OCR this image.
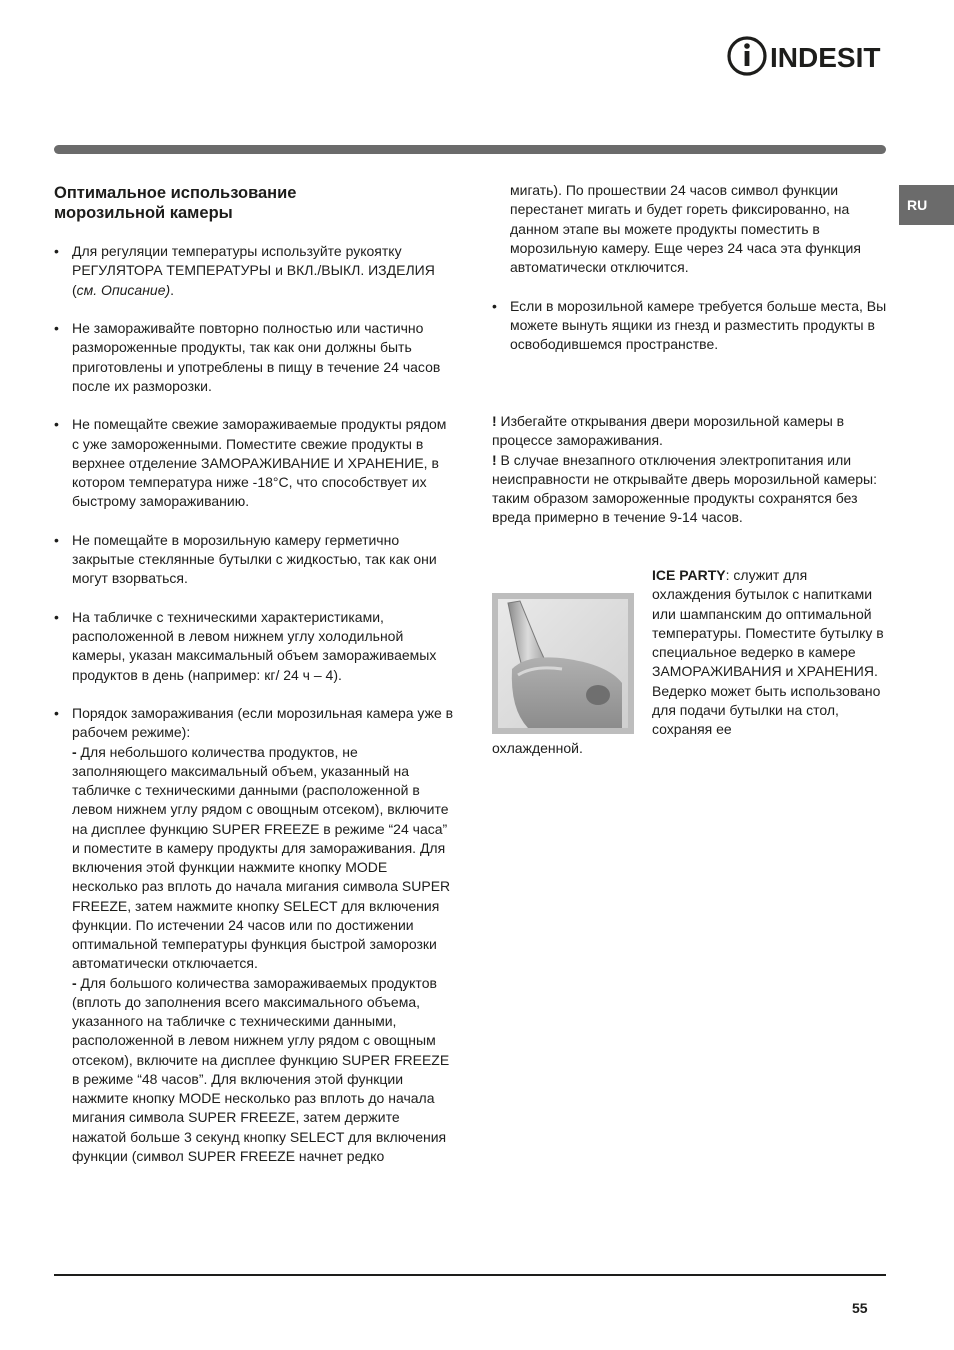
INDESIT
RU
Оптимальное использование
морозильной камеры
• Для регуляции температуры используйте рукоятку РЕГУЛЯТОРА ТЕМПЕРАТУРЫ и ВКЛ./ВЫКЛ. ИЗДЕЛИЯ (см. Описание).
• Не замораживайте повторно полностью или частично размороженные продукты, так как они должны быть приготовлены и употреблены в пищу в течение 24 часов после их разморозки.
• Не помещайте свежие замораживаемые продукты рядом с уже замороженными. Поместите свежие продукты в верхнее отделение ЗАМОРАЖИВАНИЕ И ХРАНЕНИЕ, в котором температура ниже -18°C, что способствует их быстрому замораживанию.
• Не помещайте в морозильную камеру герметично закрытые стеклянные бутылки с жидкостью, так как они могут взорваться.
• На табличке с техническими характеристиками, расположенной в левом нижнем углу холодильной камеры, указан максимальный объем замораживаемых продуктов в день (например: кг/ 24 ч – 4).
• Порядок замораживания (если морозильная камера уже в рабочем режиме):
- Для небольшого количества продуктов, не заполняющего максимальный объем, указанный на табличке с техническими данными (расположенной в левом нижнем углу рядом с овощным отсеком), включите на дисплее функцию SUPER FREEZE в режиме “24 часа” и поместите в камеру продукты для замораживания. Для включения этой функции нажмите кнопку MODE несколько раз вплоть до начала мигания символа SUPER FREEZE, затем нажмите кнопку SELECT для включения функции. По истечении 24 часов или по достижении оптимальной температуры функция быстрой заморозки автоматически отключается.
- Для большого количества замораживаемых продуктов (вплоть до заполнения всего максимального объема, указанного на табличке с техническими данными, расположенной в левом нижнем углу рядом с овощным отсеком), включите на дисплее функцию SUPER FREEZE в режиме “48 часов”. Для включения этой функции нажмите кнопку MODE несколько раз вплоть до начала мигания символа SUPER FREEZE, затем держите нажатой больше 3 секунд кнопку SELECT для включения функции (символ SUPER FREEZE начнет редко

мигать). По прошествии 24 часов символ функции перестанет мигать и будет гореть фиксированно, на данном этапе вы можете продукты поместить в морозильную камеру. Еще через 24 часа эта функция автоматически отключится.

• Если в морозильной камере требуется больше места, Вы можете вынуть ящики из гнезд и разместить продукты в освободившемся пространстве.

! Избегайте открывания двери морозильной камеры в процессе замораживания.

! В случае внезапного отключения электропитания или неисправности не открывайте дверь морозильной камеры: таким образом замороженные продукты сохранятся без вреда примерно в течение 9-14 часов.

ICE PARTY: служит для охлаждения бутылок с напитками или шампанским до оптимальной температуры. Поместите бутылку в специальное ведерко в камере ЗАМОРАЖИВАНИЯ и ХРАНЕНИЯ. Ведерко может быть использовано для подачи бутылки на стол, сохраняя ее

охлажденной.

55
